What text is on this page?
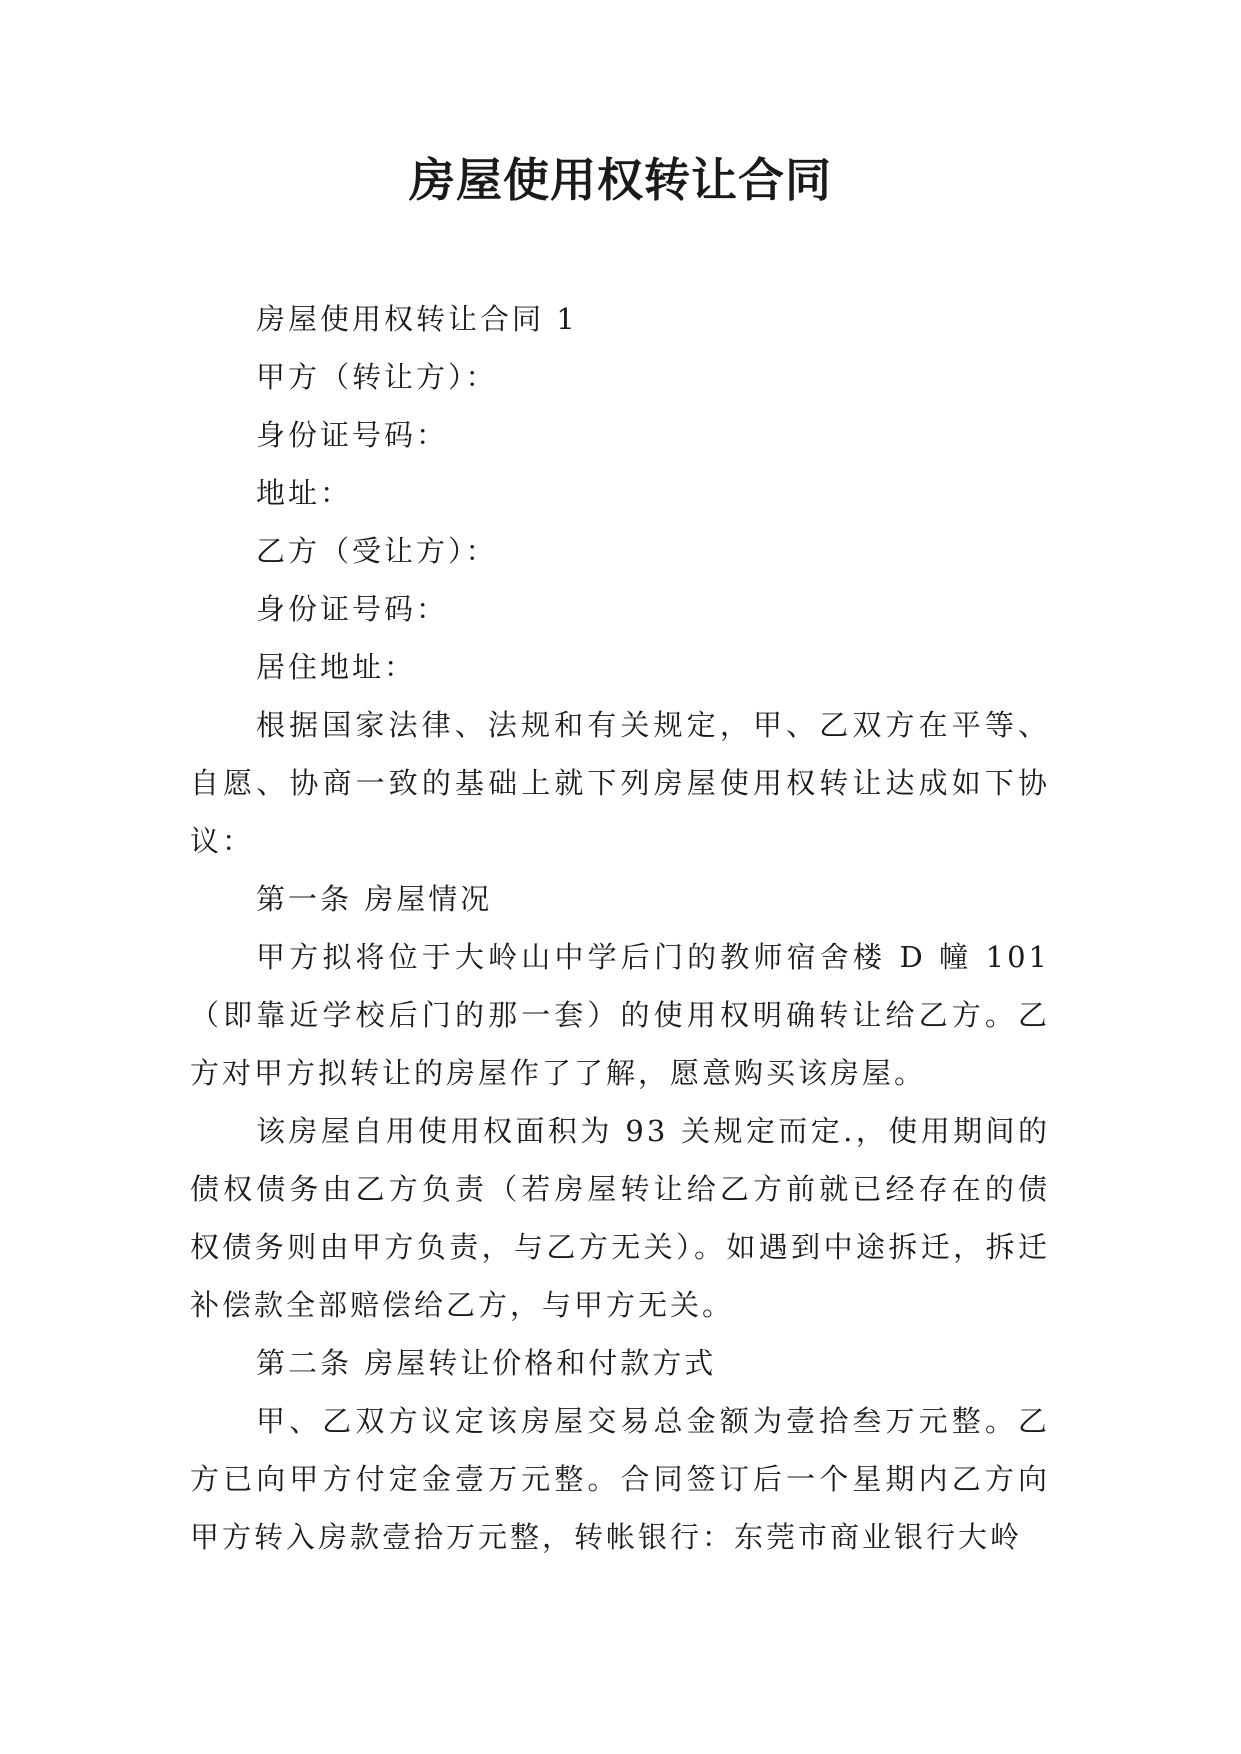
房屋使用权转让合同

房屋使用权转让合同 1

甲方（转让方）：

身份证号码：

地址：

乙方（受让方）：

身份证号码：

居住地址：

根据国家法律、法规和有关规定，甲、乙双方在平等、自愿、协商一致的基础上就下列房屋使用权转让达成如下协议：

第一条 房屋情况

甲方拟将位于大岭山中学后门的教师宿舍楼 D 幢 101（即靠近学校后门的那一套）的使用权明确转让给乙方。乙方对甲方拟转让的房屋作了了解，愿意购买该房屋。

该房屋自用使用权面积为 93 关规定而定.，使用期间的债权债务由乙方负责（若房屋转让给乙方前就已经存在的债权债务则由甲方负责，与乙方无关）。如遇到中途拆迁，拆迁补偿款全部赔偿给乙方，与甲方无关。

第二条 房屋转让价格和付款方式

甲、乙双方议定该房屋交易总金额为壹拾叁万元整。乙方已向甲方付定金壹万元整。合同签订后一个星期内乙方向甲方转入房款壹拾万元整，转帐银行：东莞市商业银行大岭
